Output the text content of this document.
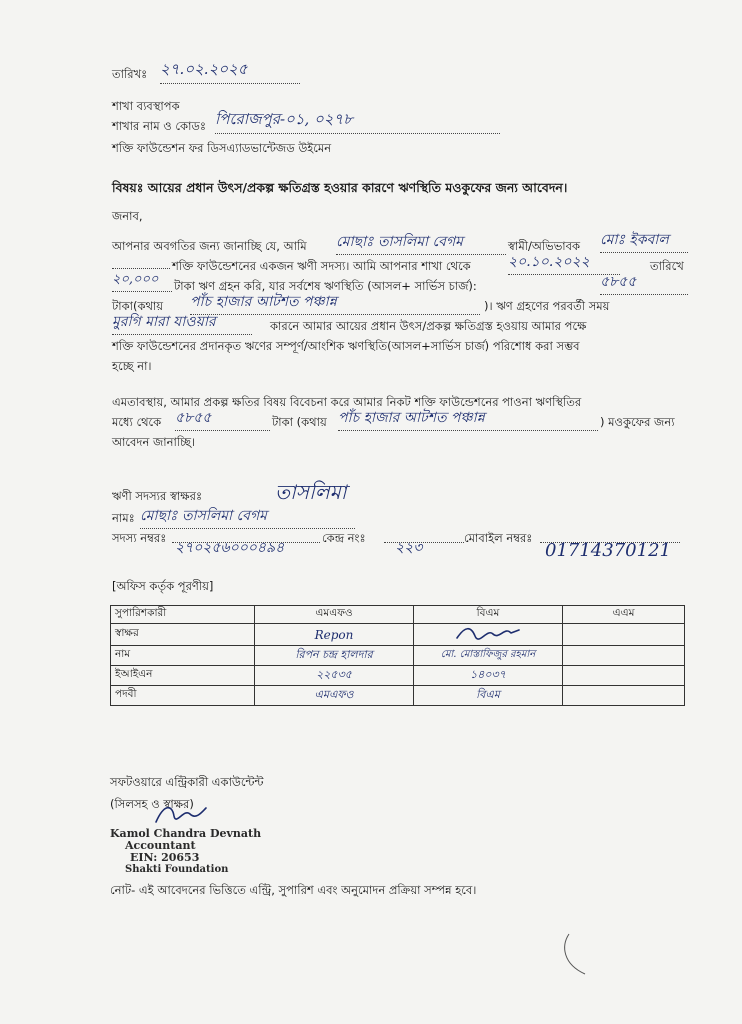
তারিখঃ ২৭.০২.২০২৫
শাখা ব্যবস্থাপক
শাখার নাম ও কোডঃ পিরোজপুর-০১, ০২৭৮
শক্তি ফাউন্ডেশন ফর ডিসএ্যাডভান্টেজড উইমেন
বিষয়ঃ আয়ের প্রধান উৎস/প্রকল্প ক্ষতিগ্রস্ত হওয়ার কারণে ঋণস্থিতি মওকুফের জন্য আবেদন।
জনাব,
আপনার অবগতির জন্য জানাচ্ছি যে, আমি মোছাঃ তাসলিমা বেগম	স্বামী/অভিভাবক মোঃ ইকবাল
শক্তি ফাউন্ডেশনের একজন ঋণী সদস্য। আমি আপনার শাখা থেকে	২০.১০.২০২২	তারিখে
২০,০০০	টাকা ঋণ গ্রহন করি, যার সর্বশেষ ঋণস্থিতি (আসল+ সার্ভিস চার্জ):	৫৮৫৫
টাকা(কথায় পাঁচ হাজার আটশত পঞ্চান্ন	)। ঋণ গ্রহণের পরবর্তী সময়
মুরগি মারা যাওয়ার	কারনে আমার আয়ের প্রধান উৎস/প্রকল্প ক্ষতিগ্রস্ত হওয়ায় আমার পক্ষে
শক্তি ফাউন্ডেশনের প্রদানকৃত ঋণের সম্পূর্ণ/আংশিক ঋণস্থিতি(আসল+সার্ভিস চার্জ) পরিশোধ করা সম্ভব
হচ্ছে না।
এমতাবস্থায়, আমার প্রকল্প ক্ষতির বিষয় বিবেচনা করে আমার নিকট শক্তি ফাউন্ডেশনের পাওনা ঋণস্থিতির
মধ্যে থেকে ৫৮৫৫	টাকা (কথায় পাঁচ হাজার আটশত পঞ্চান্ন	) মওকুফের জন্য
আবেদন জানাচ্ছি।
ঋণী সদস্যর স্বাক্ষরঃ	তাসলিমা
নামঃ মোছাঃ তাসলিমা বেগম
সদস্য নম্বরঃ
২৭০২৫৬০০০৪৯৪
কেন্দ্র নংঃ
২২৩
মোবাইল নম্বরঃ
01714370121
[অফিস কর্তৃক পূরণীয়]
সুপারিশকারী	এমএফও	বিএম	এএম
স্বাক্ষর	Repon		
নাম	রিপন চন্দ্র হালদার	মো. মোস্তাফিজুর রহমান	
ইআইএন	২২৫৩৫	১৪০৩৭	
পদবী	এমএফও	বিএম	
সফটওয়ারে এন্ট্রিকারী একাউন্টেন্ট
(সিলসহ ও স্বাক্ষর)
Kamol Chandra Devnath
Accountant
EIN: 20653
Shakti Foundation
নোট- এই আবেদনের ভিত্তিতে এন্ট্রি, সুপারিশ এবং অনুমোদন প্রক্রিয়া সম্পন্ন হবে।
